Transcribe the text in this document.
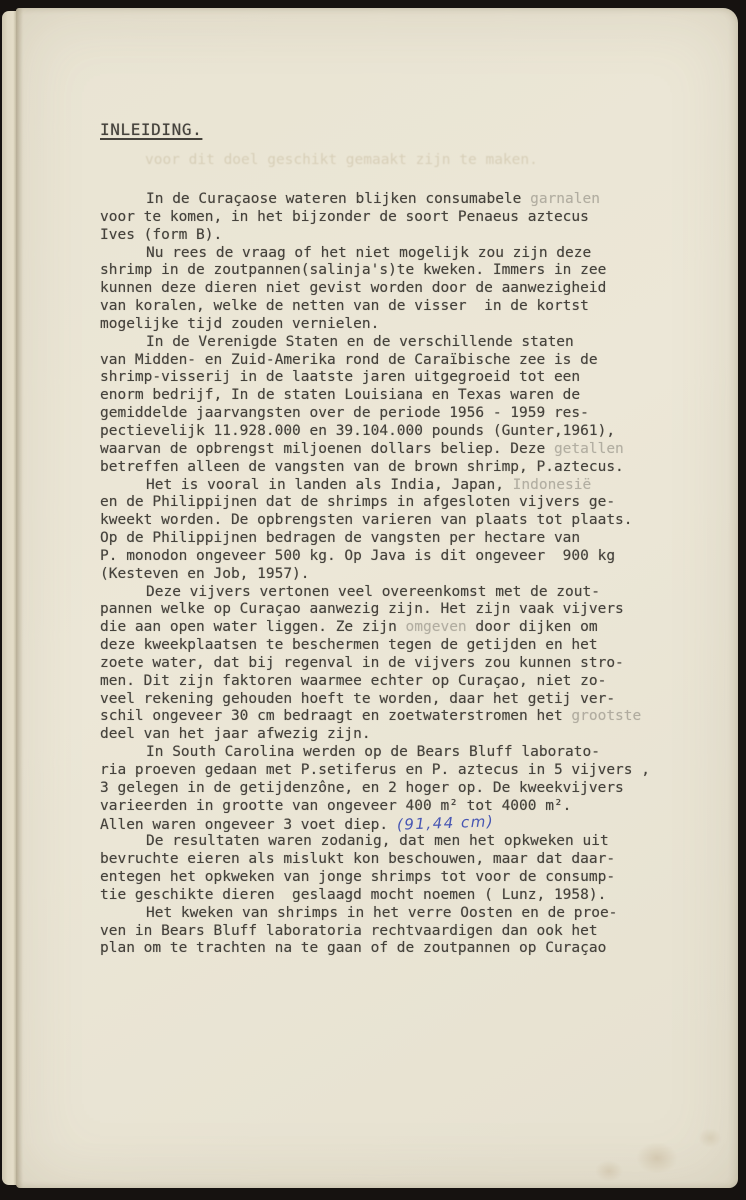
INLEIDING.
voor dit doel geschikt gemaakt zijn te maken.
In de Curaçaose wateren blijken consumabele garnalen
voor te komen, in het bijzonder de soort Penaeus aztecus
Ives (form B).
Nu rees de vraag of het niet mogelijk zou zijn deze
shrimp in de zoutpannen(salinja's)te kweken. Immers in zee
kunnen deze dieren niet gevist worden door de aanwezigheid
van koralen, welke de netten van de visser  in de kortst
mogelijke tijd zouden vernielen.
In de Verenigde Staten en de verschillende staten
van Midden- en Zuid-Amerika rond de Caraïbische zee is de
shrimp-visserij in de laatste jaren uitgegroeid tot een
enorm bedrijf, In de staten Louisiana en Texas waren de
gemiddelde jaarvangsten over de periode 1956 - 1959 res-
pectievelijk 11.928.000 en 39.104.000 pounds (Gunter,1961),
waarvan de opbrengst miljoenen dollars beliep. Deze getallen
betreffen alleen de vangsten van de brown shrimp, P.aztecus.
Het is vooral in landen als India, Japan, Indonesië
en de Philippijnen dat de shrimps in afgesloten vijvers ge-
kweekt worden. De opbrengsten varieren van plaats tot plaats.
Op de Philippijnen bedragen de vangsten per hectare van
P. monodon ongeveer 500 kg. Op Java is dit ongeveer  900 kg
(Kesteven en Job, 1957).
Deze vijvers vertonen veel overeenkomst met de zout-
pannen welke op Curaçao aanwezig zijn. Het zijn vaak vijvers
die aan open water liggen. Ze zijn omgeven door dijken om
deze kweekplaatsen te beschermen tegen de getijden en het
zoete water, dat bij regenval in de vijvers zou kunnen stro-
men. Dit zijn faktoren waarmee echter op Curaçao, niet zo-
veel rekening gehouden hoeft te worden, daar het getij ver-
schil ongeveer 30 cm bedraagt en zoetwaterstromen het grootste
deel van het jaar afwezig zijn.
In South Carolina werden op de Bears Bluff laborato-
ria proeven gedaan met P.setiferus en P. aztecus in 5 vijvers ,
3 gelegen in de getijdenzône, en 2 hoger op. De kweekvijvers
varieerden in grootte van ongeveer 400 m² tot 4000 m².
Allen waren ongeveer 3 voet diep. (91,44 cm)
De resultaten waren zodanig, dat men het opkweken uit
bevruchte eieren als mislukt kon beschouwen, maar dat daar-
entegen het opkweken van jonge shrimps tot voor de consump-
tie geschikte dieren  geslaagd mocht noemen ( Lunz, 1958).
Het kweken van shrimps in het verre Oosten en de proe-
ven in Bears Bluff laboratoria rechtvaardigen dan ook het
plan om te trachten na te gaan of de zoutpannen op Curaçao
